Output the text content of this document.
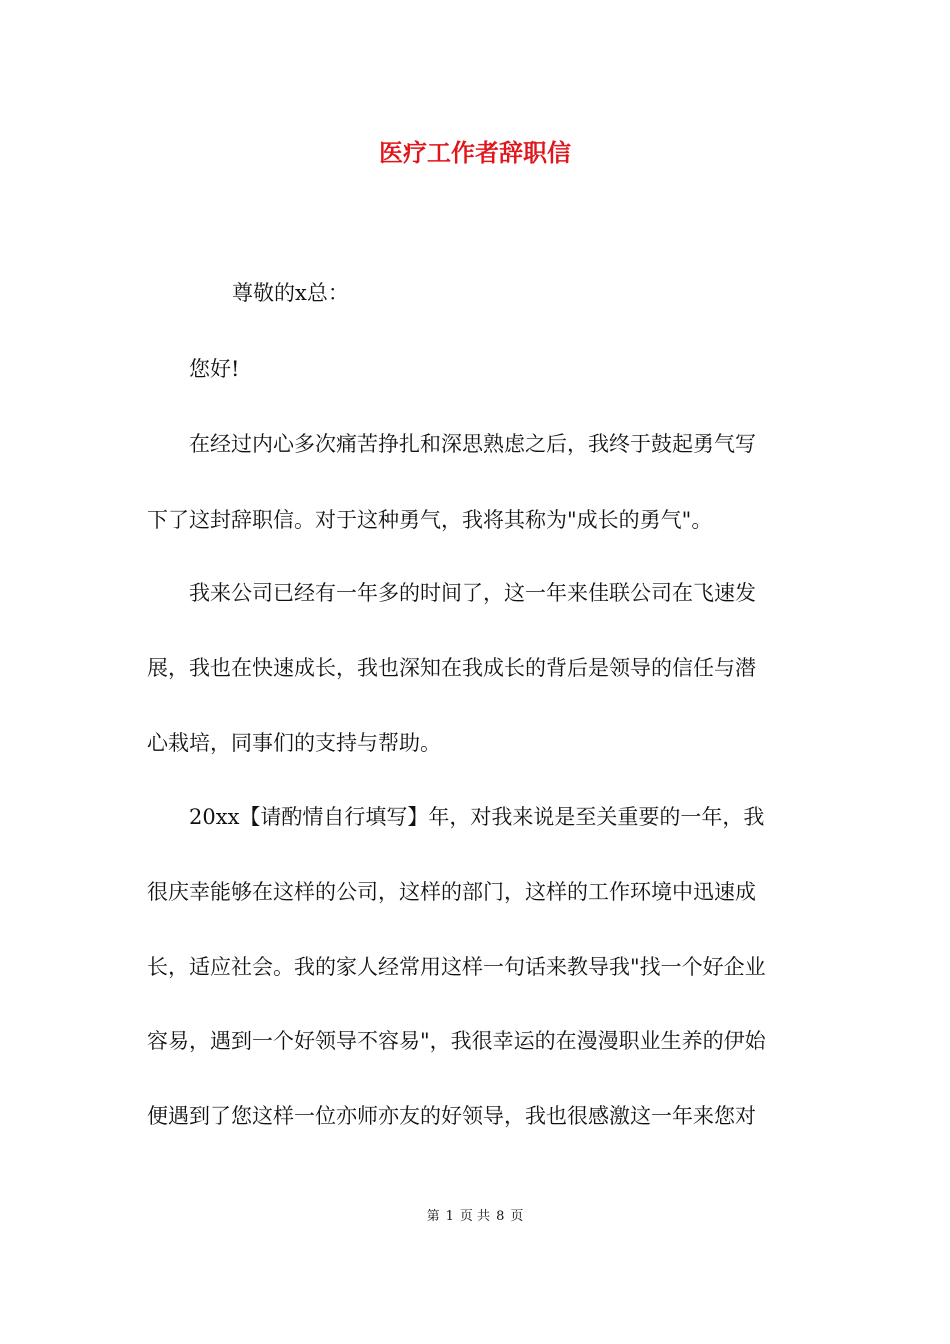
医疗工作者辞职信
尊敬的x总：
您好!
在经过内心多次痛苦挣扎和深思熟虑之后，我终于鼓起勇气写
下了这封辞职信。对于这种勇气，我将其称为"成长的勇气"。
我来公司已经有一年多的时间了，这一年来佳联公司在飞速发
展，我也在快速成长，我也深知在我成长的背后是领导的信任与潜
心栽培，同事们的支持与帮助。
20xx【请酌情自行填写】年，对我来说是至关重要的一年，我
很庆幸能够在这样的公司，这样的部门，这样的工作环境中迅速成
长，适应社会。我的家人经常用这样一句话来教导我"找一个好企业
容易，遇到一个好领导不容易"，我很幸运的在漫漫职业生养的伊始
便遇到了您这样一位亦师亦友的好领导，我也很感激这一年来您对
第 1 页 共 8 页
